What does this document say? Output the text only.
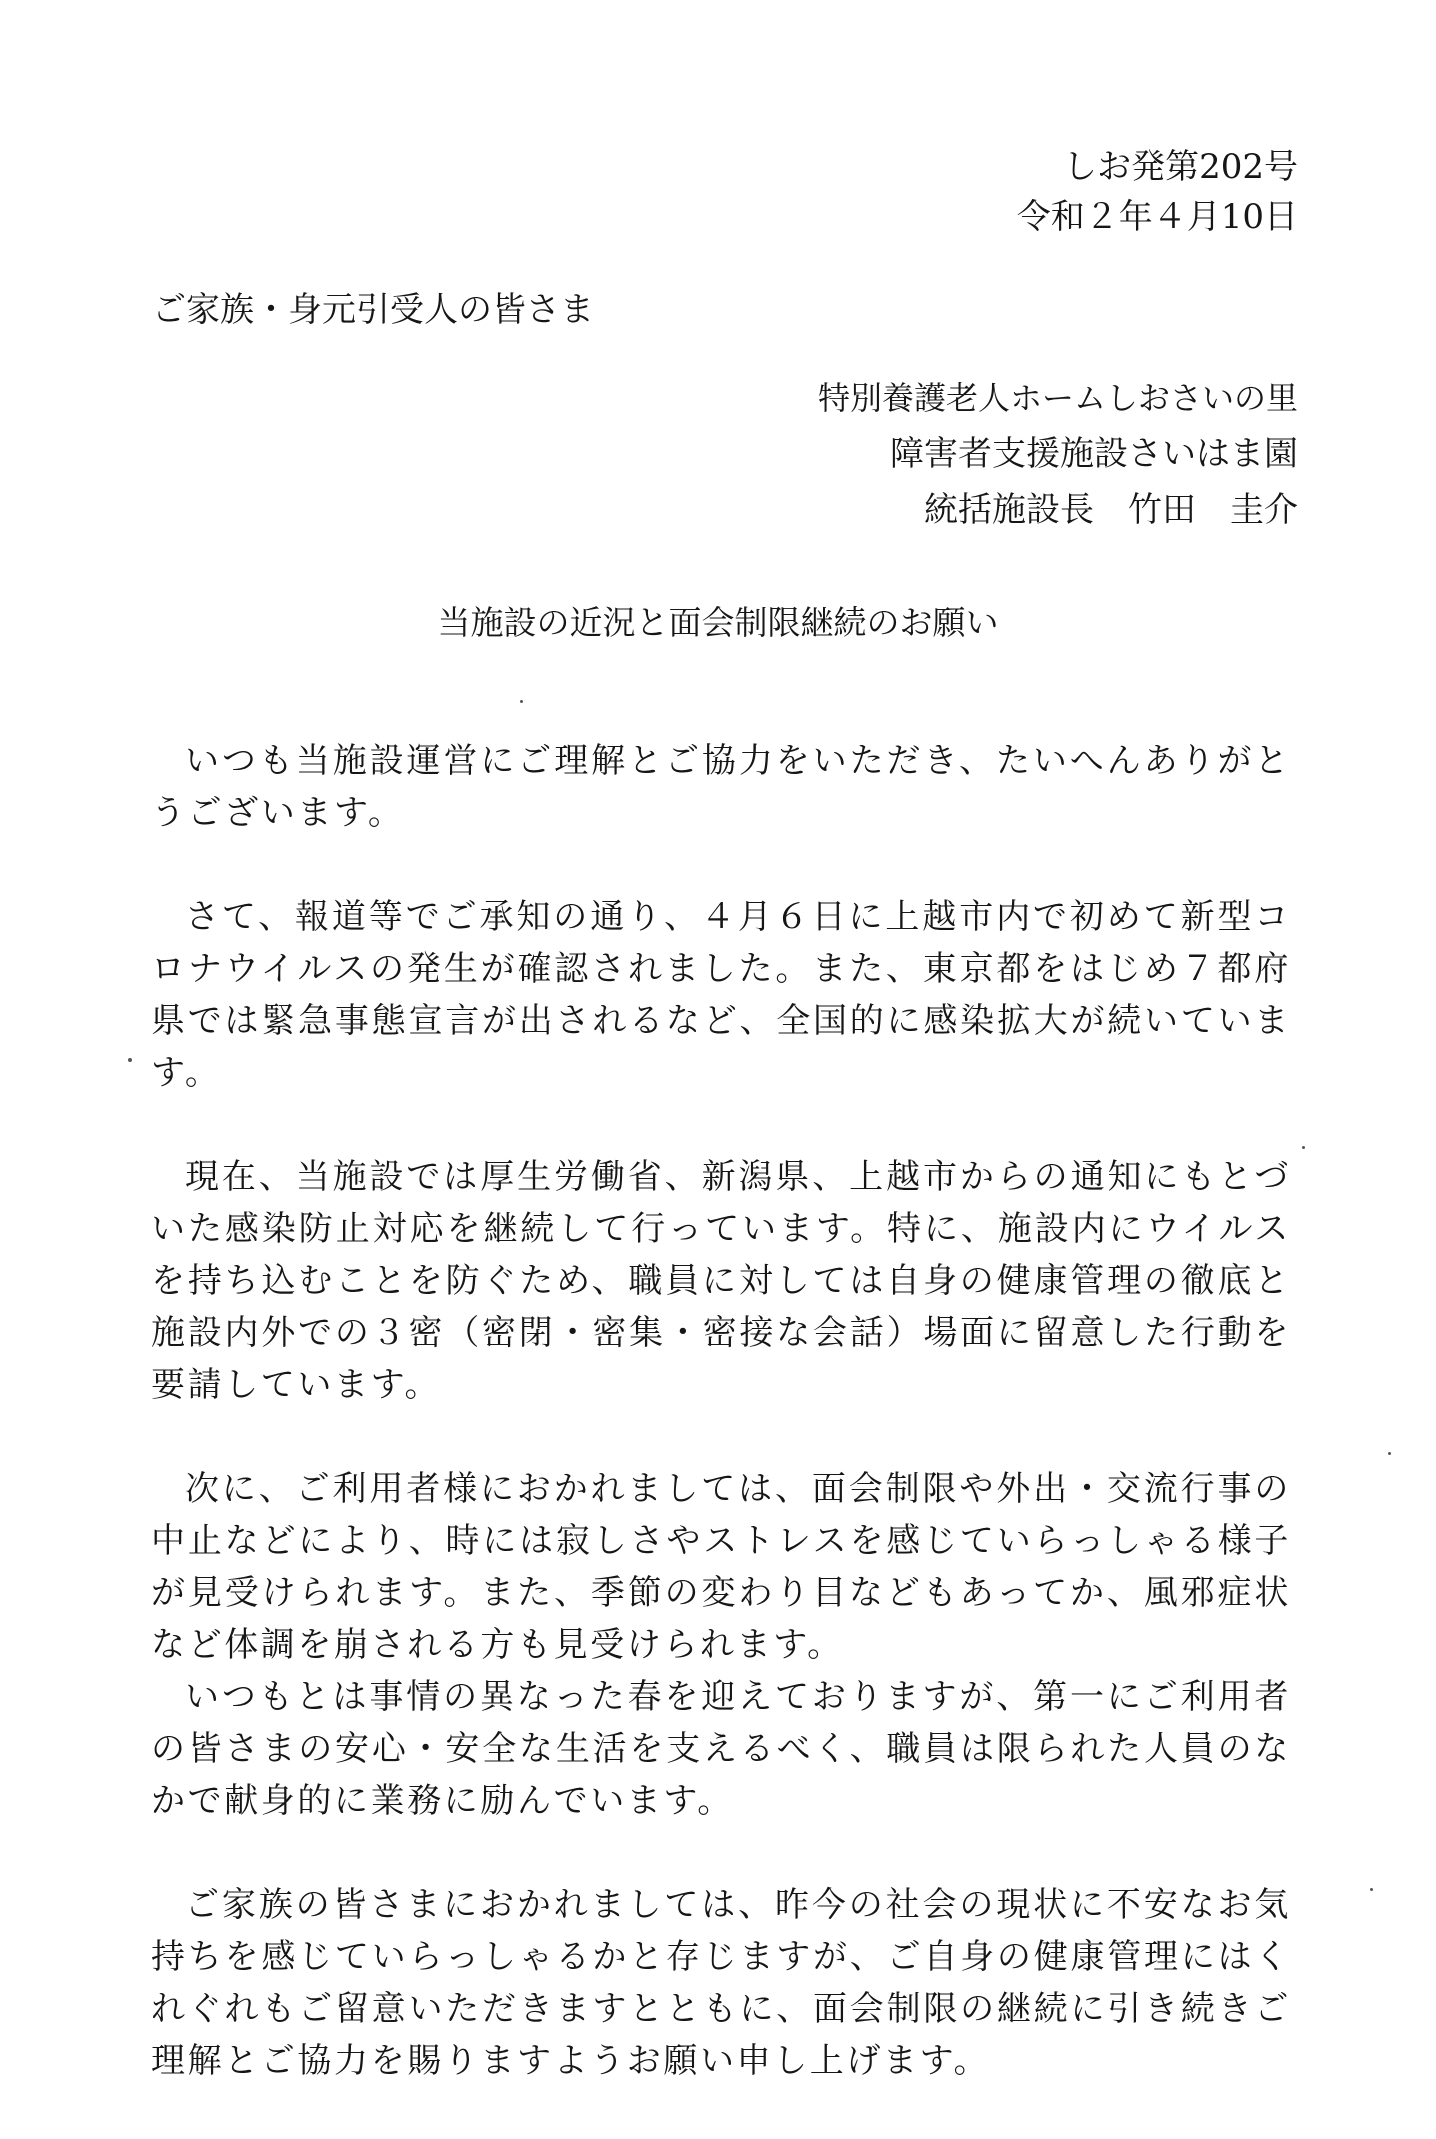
しお発第202号
令和２年４月10日
ご家族・身元引受人の皆さま
特別養護老人ホームしおさいの里
障害者支援施設さいはま園
統括施設長　竹田　圭介
当施設の近況と面会制限継続のお願い

いつも当施設運営にご理解とご協力をいただき、たいへんありがとうございます。

さて、報道等でご承知の通り、４月６日に上越市内で初めて新型コロナウイルスの発生が確認されました。また、東京都をはじめ７都府県では緊急事態宣言が出されるなど、全国的に感染拡大が続いています。

現在、当施設では厚生労働省、新潟県、上越市からの通知にもとづいた感染防止対応を継続して行っています。特に、施設内にウイルスを持ち込むことを防ぐため、職員に対しては自身の健康管理の徹底と施設内外での３密（密閉・密集・密接な会話）場面に留意した行動を要請しています。

次に、ご利用者様におかれましては、面会制限や外出・交流行事の中止などにより、時には寂しさやストレスを感じていらっしゃる様子が見受けられます。また、季節の変わり目などもあってか、風邪症状など体調を崩される方も見受けられます。

いつもとは事情の異なった春を迎えておりますが、第一にご利用者の皆さまの安心・安全な生活を支えるべく、職員は限られた人員のなかで献身的に業務に励んでいます。

ご家族の皆さまにおかれましては、昨今の社会の現状に不安なお気持ちを感じていらっしゃるかと存じますが、ご自身の健康管理にはくれぐれもご留意いただきますとともに、面会制限の継続に引き続きご理解とご協力を賜りますようお願い申し上げます。
